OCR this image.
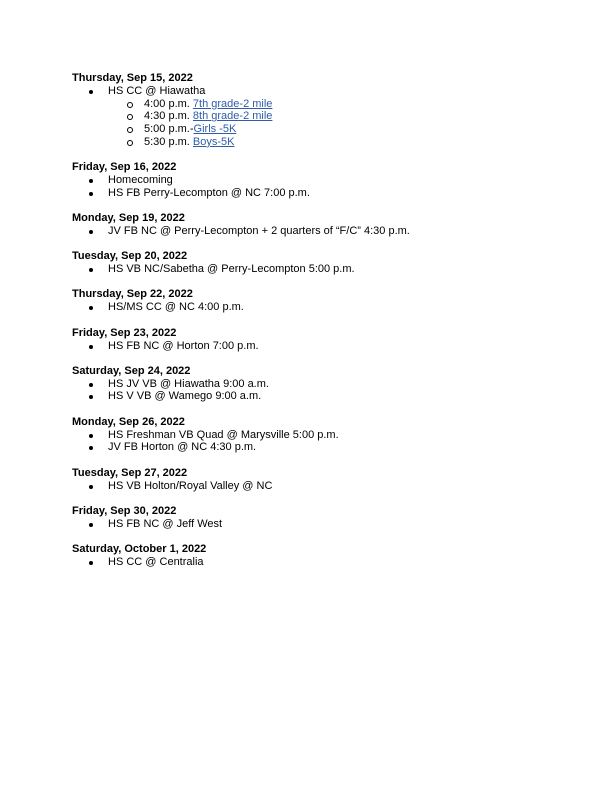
Thursday, Sep 15, 2022
HS CC @ Hiawatha
4:00 p.m. 7th grade-2 mile
4:30 p.m. 8th grade-2 mile
5:00 p.m.-Girls -5K
5:30 p.m. Boys-5K
Friday, Sep 16, 2022
Homecoming
HS FB Perry-Lecompton @ NC 7:00 p.m.
Monday, Sep 19, 2022
JV FB NC @ Perry-Lecompton + 2 quarters of “F/C” 4:30 p.m.
Tuesday, Sep 20, 2022
HS VB NC/Sabetha @ Perry-Lecompton 5:00 p.m.
Thursday, Sep 22, 2022
HS/MS CC @ NC 4:00 p.m.
Friday, Sep 23, 2022
HS FB NC @ Horton 7:00 p.m.
Saturday, Sep 24, 2022
HS JV VB @ Hiawatha 9:00 a.m.
HS V VB @ Wamego 9:00 a.m.
Monday, Sep 26, 2022
HS Freshman VB Quad @ Marysville 5:00 p.m.
JV FB Horton @ NC 4:30 p.m.
Tuesday, Sep 27, 2022
HS VB Holton/Royal Valley @ NC
Friday, Sep 30, 2022
HS FB NC @ Jeff West
Saturday, October 1, 2022
HS CC @ Centralia
